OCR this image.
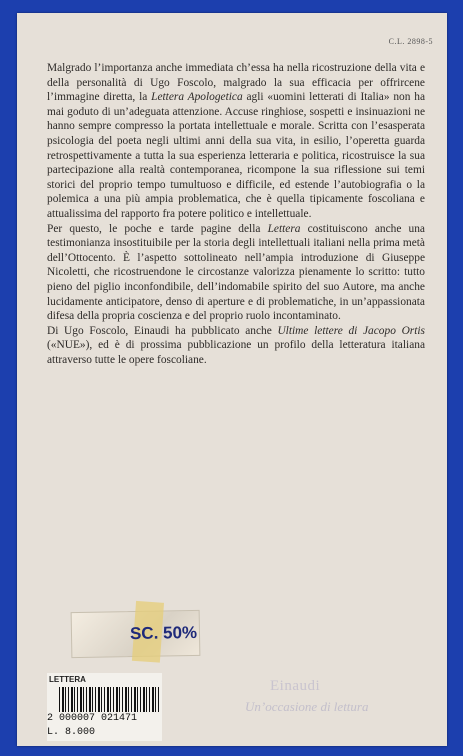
C.L. 2898-5

Malgrado l’importanza anche immediata ch’essa ha nella ricostruzione della vita e della personalità di Ugo Foscolo, malgrado la sua efficacia per offrircene l’immagine diretta, la Lettera Apologetica agli «uomini letterati di Italia» non ha mai goduto di un’adeguata attenzione. Accuse ringhiose, sospetti e insinuazioni ne hanno sempre compresso la portata intellettuale e morale. Scritta con l’esasperata psicologia del poeta negli ultimi anni della sua vita, in esilio, l’operetta guarda retrospettivamente a tutta la sua esperienza letteraria e politica, ricostruisce la sua partecipazione alla realtà contemporanea, ricompone la sua riflessione sui temi storici del proprio tempo tumultuoso e difficile, ed estende l’autobiografia o la polemica a una più ampia problematica, che è quella tipicamente foscoliana e attualissima del rapporto fra potere politico e intellettuale.

Per questo, le poche e tarde pagine della Lettera costituiscono anche una testimonianza insostituibile per la storia degli intellettuali italiani nella prima metà dell’Ottocento. È l’aspetto sottolineato nell’ampia introduzione di Giuseppe Nicoletti, che ricostruendone le circostanze valorizza pienamente lo scritto: tutto pieno del piglio inconfondibile, dell’indomabile spirito del suo Autore, ma anche lucidamente anticipatore, denso di aperture e di problematiche, in un’appassionata difesa della propria coscienza e del proprio ruolo incontaminato.

Di Ugo Foscolo, Einaudi ha pubblicato anche Ultime lettere di Jacopo Ortis («NUE»), ed è di prossima pubblicazione un profilo della letteratura italiana attraverso tutte le opere foscoliane.

SC. 50%
LETTERA
2 000007 021471
L. 8.000
Einaudi
Un’occasione di lettura
